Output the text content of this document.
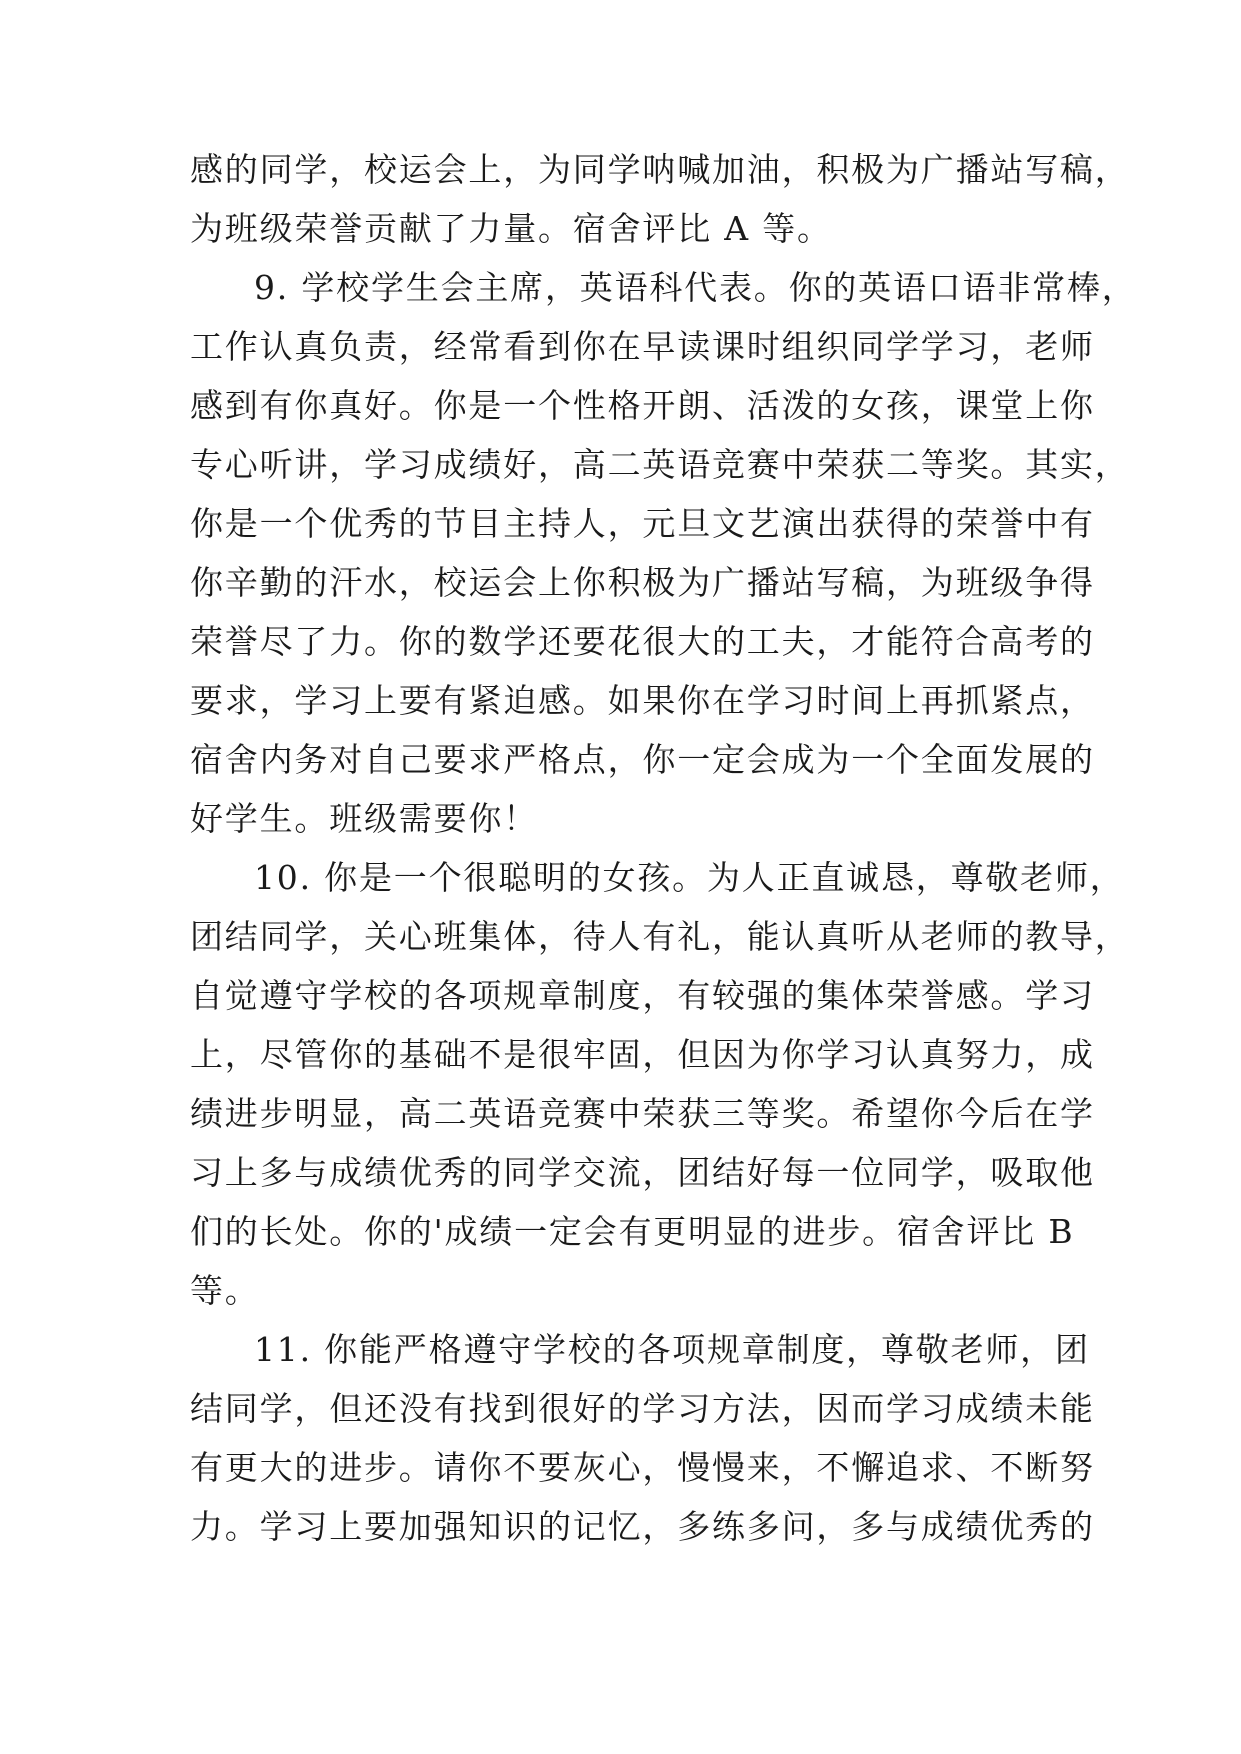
感的同学，校运会上，为同学呐喊加油，积极为广播站写稿，
为班级荣誉贡献了力量。宿舍评比 A 等。
9. 学校学生会主席，英语科代表。你的英语口语非常棒，
工作认真负责，经常看到你在早读课时组织同学学习，老师
感到有你真好。你是一个性格开朗、活泼的女孩，课堂上你
专心听讲，学习成绩好，高二英语竞赛中荣获二等奖。其实，
你是一个优秀的节目主持人，元旦文艺演出获得的荣誉中有
你辛勤的汗水，校运会上你积极为广播站写稿，为班级争得
荣誉尽了力。你的数学还要花很大的工夫，才能符合高考的
要求，学习上要有紧迫感。如果你在学习时间上再抓紧点，
宿舍内务对自己要求严格点，你一定会成为一个全面发展的
好学生。班级需要你！
10. 你是一个很聪明的女孩。为人正直诚恳，尊敬老师，
团结同学，关心班集体，待人有礼，能认真听从老师的教导，
自觉遵守学校的各项规章制度，有较强的集体荣誉感。学习
上，尽管你的基础不是很牢固，但因为你学习认真努力，成
绩进步明显，高二英语竞赛中荣获三等奖。希望你今后在学
习上多与成绩优秀的同学交流，团结好每一位同学，吸取他
们的长处。你的'成绩一定会有更明显的进步。宿舍评比 B
等。
11. 你能严格遵守学校的各项规章制度，尊敬老师，团
结同学，但还没有找到很好的学习方法，因而学习成绩未能
有更大的进步。请你不要灰心，慢慢来，不懈追求、不断努
力。学习上要加强知识的记忆，多练多问，多与成绩优秀的
